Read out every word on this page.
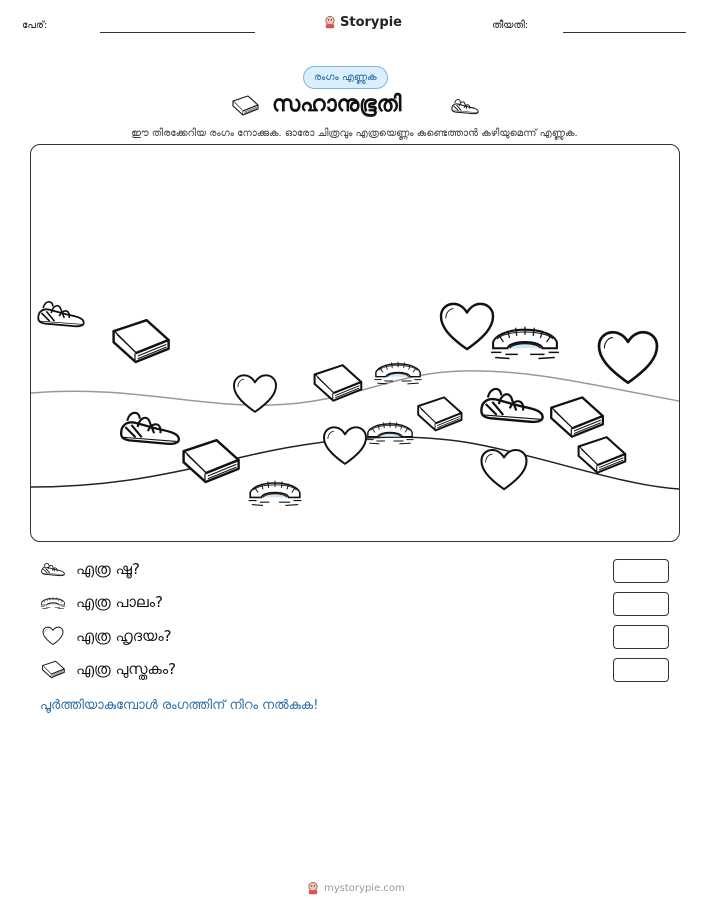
പേര്:	Storypie	തീയതി:
രംഗം എണ്ണുക
സഹാനുഭൂതി
ഈ തിരക്കേറിയ രംഗം നോക്കുക. ഓരോ ചിത്രവും എത്രയെണ്ണം കണ്ടെത്താൻ കഴിയുമെന്ന് എണ്ണുക.
എത്ര ഷൂ?
എത്ര പാലം?
എത്ര ഹൃദയം?
എത്ര പുസ്തകം?
പൂർത്തിയാകുമ്പോൾ രംഗത്തിന് നിറം നൽകുക!
mystorypie.com
